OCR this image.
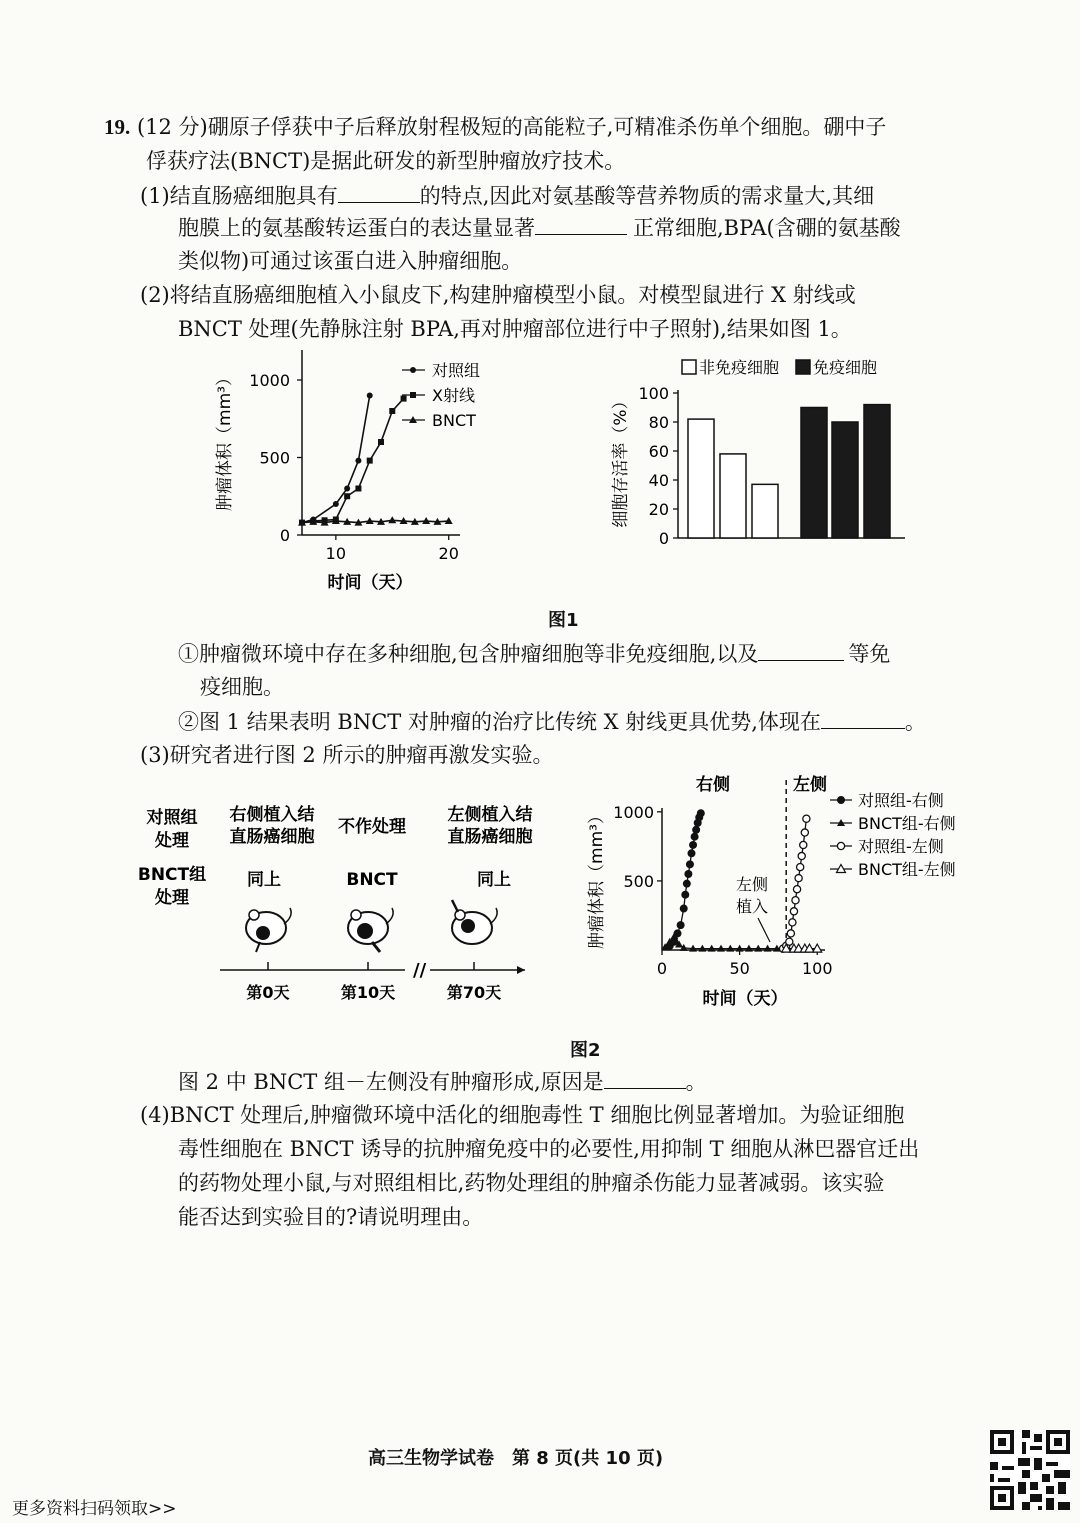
19. (12 分)硼原子俘获中子后释放射程极短的高能粒子,可精准杀伤单个细胞。硼中子
俘获疗法(BNCT)是据此研发的新型肿瘤放疗技术。
(1)结直肠癌细胞具有	的特点,因此对氨基酸等营养物质的需求量大,其细
胞膜上的氨基酸转运蛋白的表达量显著	正常细胞,BPA(含硼的氨基酸
类似物)可通过该蛋白进入肿瘤细胞。
(2)将结直肠癌细胞植入小鼠皮下,构建肿瘤模型小鼠。对模型鼠进行 X 射线或
BNCT 处理(先静脉注射 BPA,再对肿瘤部位进行中子照射),结果如图 1。
肿瘤体积（mm³）
0
500
1000
10	20
时间（天）
对照组
X射线
BNCT	细胞存活率（%）
0
20
40
60
80
100
非免疫细胞 免疫细胞
图1
①肿瘤微环境中存在多种细胞,包含肿瘤细胞等非免疫细胞,以及	等免
疫细胞。
②图 1 结果表明 BNCT 对肿瘤的治疗比传统 X 射线更具优势,体现在	。
(3)研究者进行图 2 所示的肿瘤再激发实验。
对照组
处理
BNCT组
处理
右侧植入结
直肠癌细胞 不作处理
左侧植入结
直肠癌细胞
同上	BNCT	同上
//
第0天	第10天	第70天
肿瘤体积（mm³） 500
1000
0	50	100
右侧	左侧
左侧
植入
时间（天）
对照组-右侧
BNCT组-右侧
对照组-左侧
BNCT组-左侧
图2
图 2 中 BNCT 组－左侧没有肿瘤形成,原因是	。
(4)BNCT 处理后,肿瘤微环境中活化的细胞毒性 T 细胞比例显著增加。为验证细胞
毒性细胞在 BNCT 诱导的抗肿瘤免疫中的必要性,用抑制 T 细胞从淋巴器官迁出
的药物处理小鼠,与对照组相比,药物处理组的肿瘤杀伤能力显著减弱。该实验
能否达到实验目的?请说明理由。
高三生物学试卷　第 8 页(共 10 页)
更多资料扫码领取>>
